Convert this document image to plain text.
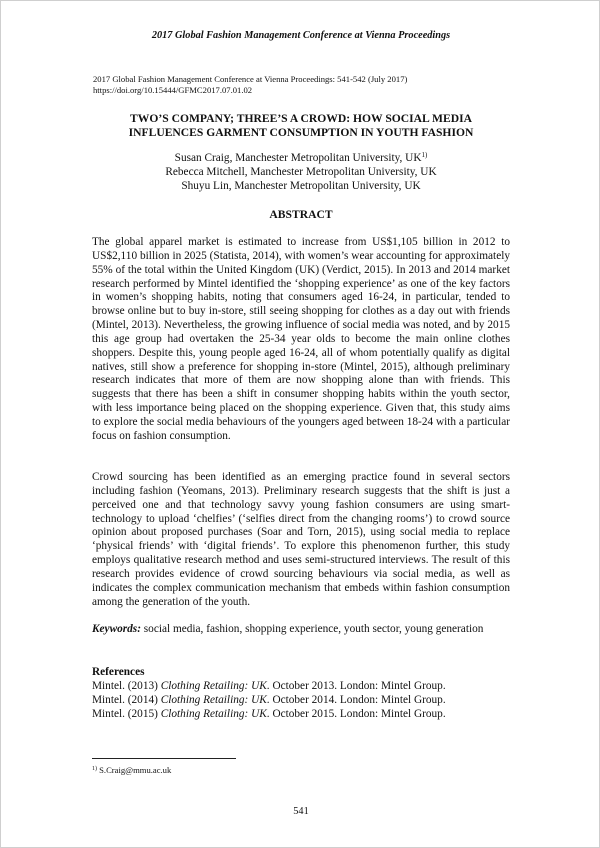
2017 Global Fashion Management Conference at Vienna Proceedings
2017 Global Fashion Management Conference at Vienna Proceedings: 541-542 (July 2017)
https://doi.org/10.15444/GFMC2017.07.01.02
TWO’S COMPANY; THREE’S A CROWD: HOW SOCIAL MEDIA
INFLUENCES GARMENT CONSUMPTION IN YOUTH FASHION
Susan Craig, Manchester Metropolitan University, UK$^{1)}$
Rebecca Mitchell, Manchester Metropolitan University, UK
Shuyu Lin, Manchester Metropolitan University, UK
ABSTRACT
The global apparel market is estimated to increase from US$1,105 billion in 2012 to US$2,110 billion in 2025 (Statista, 2014), with women’s wear accounting for approximately 55% of the total within the United Kingdom (UK) (Verdict, 2015). In 2013 and 2014 market research performed by Mintel identified the ‘shopping experience’ as one of the key factors in women’s shopping habits, noting that consumers aged 16-24, in particular, tended to browse online but to buy in-store, still seeing shopping for clothes as a day out with friends (Mintel, 2013). Nevertheless, the growing influence of social media was noted, and by 2015 this age group had overtaken the 25-34 year olds to become the main online clothes shoppers. Despite this, young people aged 16-24, all of whom potentially qualify as digital natives, still show a preference for shopping in-store (Mintel, 2015), although preliminary research indicates that more of them are now shopping alone than with friends. This suggests that there has been a shift in consumer shopping habits within the youth sector, with less importance being placed on the shopping experience. Given that, this study aims to explore the social media behaviours of the youngers aged between 18-24 with a particular focus on fashion consumption.
Crowd sourcing has been identified as an emerging practice found in several sectors including fashion (Yeomans, 2013). Preliminary research suggests that the shift is just a perceived one and that technology savvy young fashion consumers are using smart-technology to upload ‘chelfies’ (‘selfies direct from the changing rooms’) to crowd source opinion about proposed purchases (Soar and Torn, 2015), using social media to replace ‘physical friends’ with ‘digital friends’. To explore this phenomenon further, this study employs qualitative research method and uses semi-structured interviews. The result of this research provides evidence of crowd sourcing behaviours via social media, as well as indicates the complex communication mechanism that embeds within fashion consumption among the generation of the youth.
Keywords: social media, fashion, shopping experience, youth sector, young generation
References
Mintel. (2013) Clothing Retailing: UK. October 2013. London: Mintel Group.
Mintel. (2014) Clothing Retailing: UK. October 2014. London: Mintel Group.
Mintel. (2015) Clothing Retailing: UK. October 2015. London: Mintel Group.
$^{1)}$ S.Craig@mmu.ac.uk
541
